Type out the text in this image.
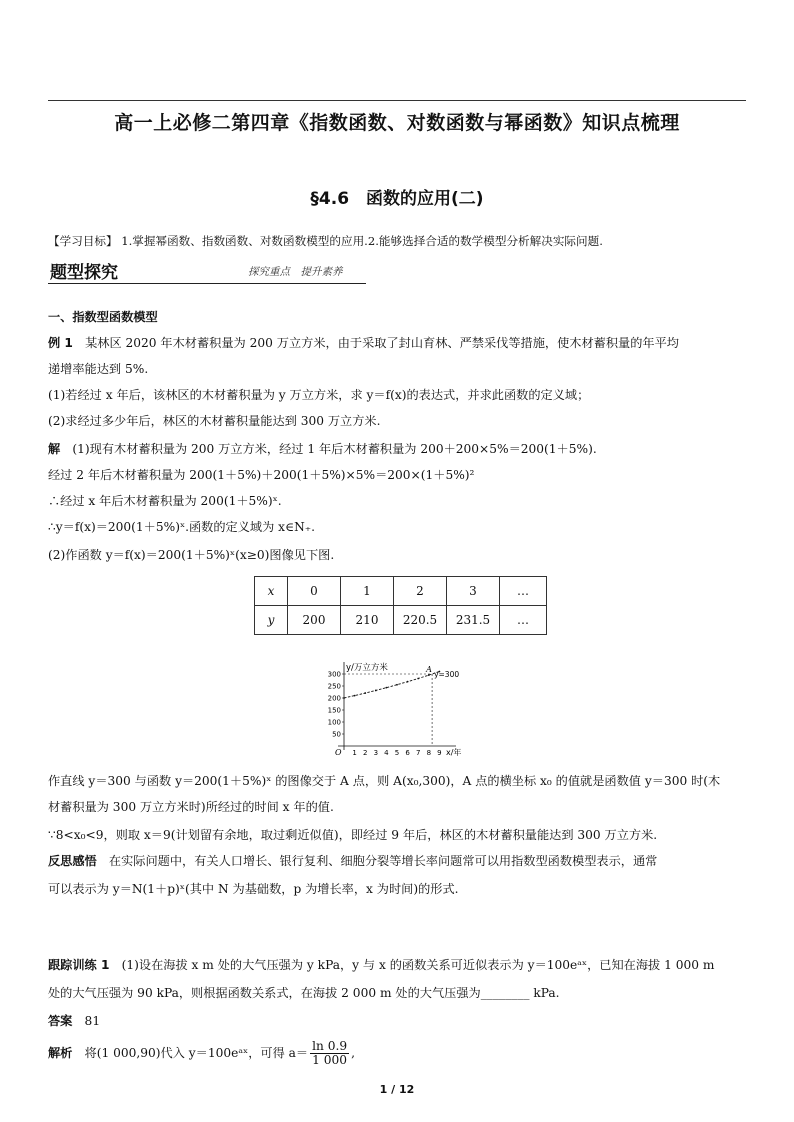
高一上必修二第四章《指数函数、对数函数与幂函数》知识点梳理
§4.6　函数的应用(二)
【学习目标】 1.掌握幂函数、指数函数、对数函数模型的应用.2.能够选择合适的数学模型分析解决实际问题.
题型探究	探究重点　提升素养
一、指数型函数模型
例 1　某林区 2020 年木材蓄积量为 200 万立方米，由于采取了封山育林、严禁采伐等措施，使木材蓄积量的年平均
递增率能达到 5%.
(1)若经过 x 年后，该林区的木材蓄积量为 y 万立方米，求 y＝f(x)的表达式，并求此函数的定义域；
(2)求经过多少年后，林区的木材蓄积量能达到 300 万立方米.
解　(1)现有木材蓄积量为 200 万立方米，经过 1 年后木材蓄积量为 200＋200×5%＝200(1＋5%).
经过 2 年后木材蓄积量为 200(1＋5%)＋200(1＋5%)×5%＝200×(1＋5%)²
∴经过 x 年后木材蓄积量为 200(1＋5%)ˣ.
∴y＝f(x)＝200(1＋5%)ˣ.函数的定义域为 x∈N₊.
(2)作函数 y＝f(x)＝200(1＋5%)ˣ(x≥0)图像见下图.
x	0	1	2	3	…
y	200	210	220.5	231.5	…
y/万立方米
x/年
O
300
250
200
150
100
50
1 2 3 4 5 6 7 8 9
A
y=300
作直线 y＝300 与函数 y＝200(1＋5%)ˣ 的图像交于 A 点，则 A(x₀,300)，A 点的横坐标 x₀ 的值就是函数值 y＝300 时(木
材蓄积量为 300 万立方米时)所经过的时间 x 年的值.
∵8<x₀<9，则取 x＝9(计划留有余地，取过剩近似值)，即经过 9 年后，林区的木材蓄积量能达到 300 万立方米.
反思感悟　在实际问题中，有关人口增长、银行复利、细胞分裂等增长率问题常可以用指数型函数模型表示，通常
可以表示为 y＝N(1＋p)ˣ(其中 N 为基础数，p 为增长率，x 为时间)的形式.
跟踪训练 1　(1)设在海拔 x m 处的大气压强为 y kPa，y 与 x 的函数关系可近似表示为 y＝100eᵃˣ，已知在海拔 1 000 m
处的大气压强为 90 kPa，则根据函数关系式，在海拔 2 000 m 处的大气压强为________ kPa.
答案　81
解析　将(1 000,90)代入 y＝100eᵃˣ，可得 $a= \frac{\ln 0.9}{1 000}$ ,
1 / 12
